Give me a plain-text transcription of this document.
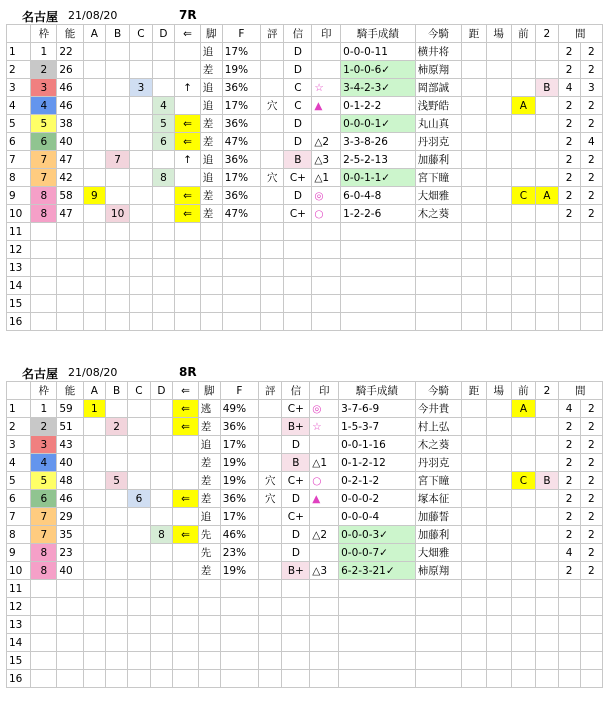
名古屋 21/08/20	7R
	枠	能	A	B	C	D	⇐	脚	F	評	信	印	騎手成績	今騎	距	場	前	2	間	
1	1	22						追	17%		D		0-0-0-11	横井将					2	2
2	2	26						差	19%		D		1-0-0-6✓	柿原翔					2	2
3	3	46			3		↑	追	36%		C	☆	3-4-2-3✓	岡部誠				B	4	3
4	4	46				4		追	17%	穴	C	▲	0-1-2-2	浅野皓			A		2	2
5	5	38				5	⇐	差	36%		D		0-0-0-1✓	丸山真					2	2
6	6	40				6	⇐	差	47%		D	△2	3-3-8-26	丹羽克					2	4
7	7	47		7			↑	追	36%		B	△3	2-5-2-13	加藤利					2	2
8	7	42				8		追	17%	穴	C+	△1	0-0-1-1✓	宮下瞳					2	2
9	8	58	9				⇐	差	36%		D	◎	6-0-4-8	大畑雅			C	A	2	2
10	8	47		10			⇐	差	47%		C+	○	1-2-2-6	木之葵					2	2
11																				
12																				
13																				
14																				
15																				
16																				
名古屋 21/08/20	8R
	枠	能	A	B	C	D	⇐	脚	F	評	信	印	騎手成績	今騎	距	場	前	2	間	
1	1	59	1				⇐	逃	49%		C+	◎	3-7-6-9	今井貴			A		4	2
2	2	51		2			⇐	差	36%		B+	☆	1-5-3-7	村上弘					2	2
3	3	43						追	17%		D		0-0-1-16	木之葵					2	2
4	4	40						差	19%		B	△1	0-1-2-12	丹羽克					2	2
5	5	48		5				差	19%	穴	C+	○	0-2-1-2	宮下瞳			C	B	2	2
6	6	46			6		⇐	差	36%	穴	D	▲	0-0-0-2	塚本征					2	2
7	7	29						追	17%		C+		0-0-0-4	加藤誓					2	2
8	7	35				8	⇐	先	46%		D	△2	0-0-0-3✓	加藤利					2	2
9	8	23						先	23%		D		0-0-0-7✓	大畑雅					4	2
10	8	40						差	19%		B+	△3	6-2-3-21✓	柿原翔					2	2
11																				
12																				
13																				
14																				
15																				
16																				
